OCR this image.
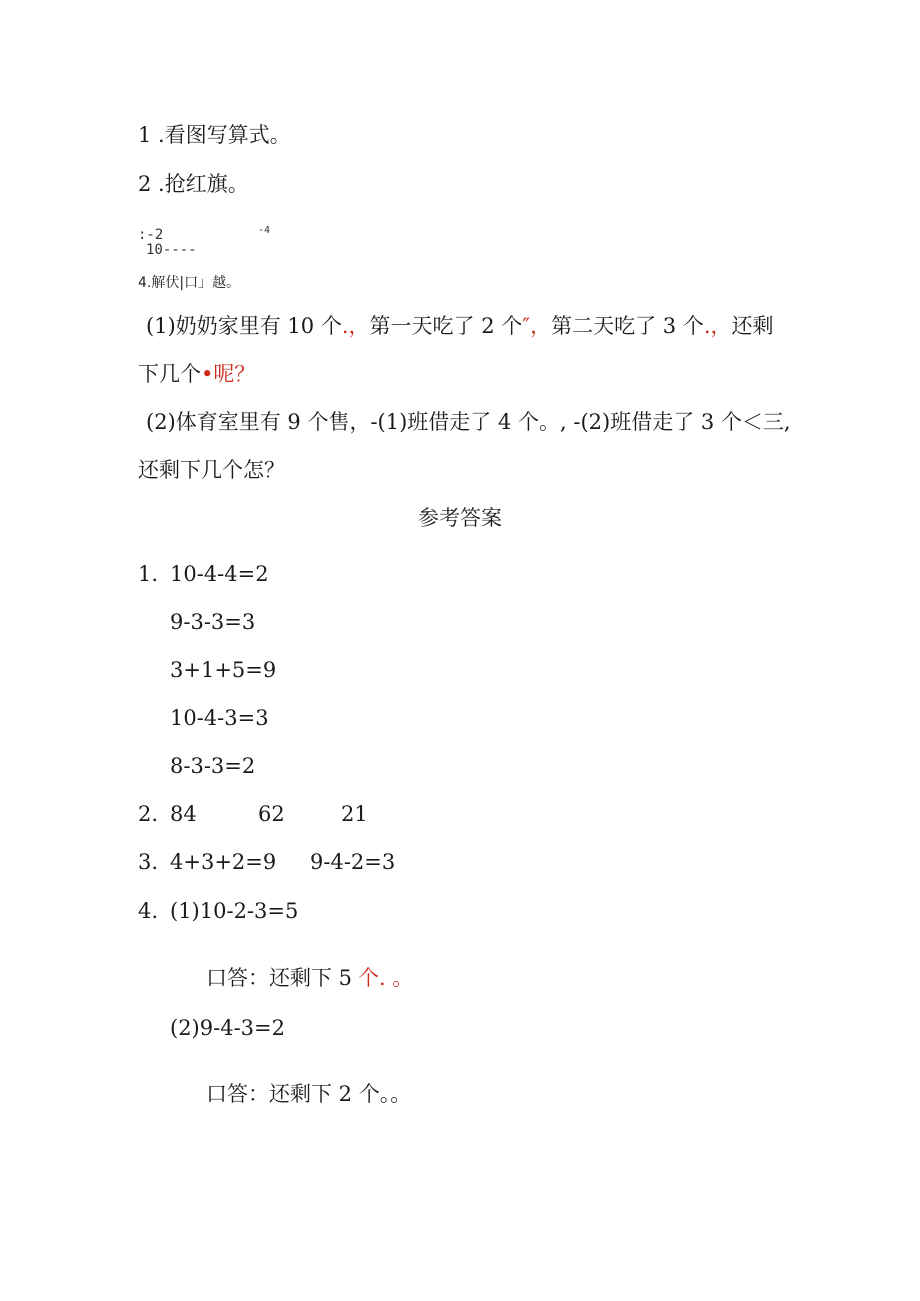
1 .看图写算式。
2 .抢红旗。
:-2	-4
10----
4.解伏|口」越。
(1)奶奶家里有 10 个.，第一天吃了 2 个″，第二天吃了 3 个.，还剩
下几个•呢？
(2)体育室里有 9 个售，-(1)班借走了 4 个。, -(2)班借走了 3 个＜三,
还剩下几个怎？
参考答案
1. 10-4-4=2
9-3-3=3
3+1+5=9
10-4-3=3
8-3-3=2
2. 84	62	21
3. 4+3+2=9 9-4-2=3
4. (1)10-2-3=5
口答：还剩下 5 个. 。
(2)9-4-3=2
口答：还剩下 2 个。。
